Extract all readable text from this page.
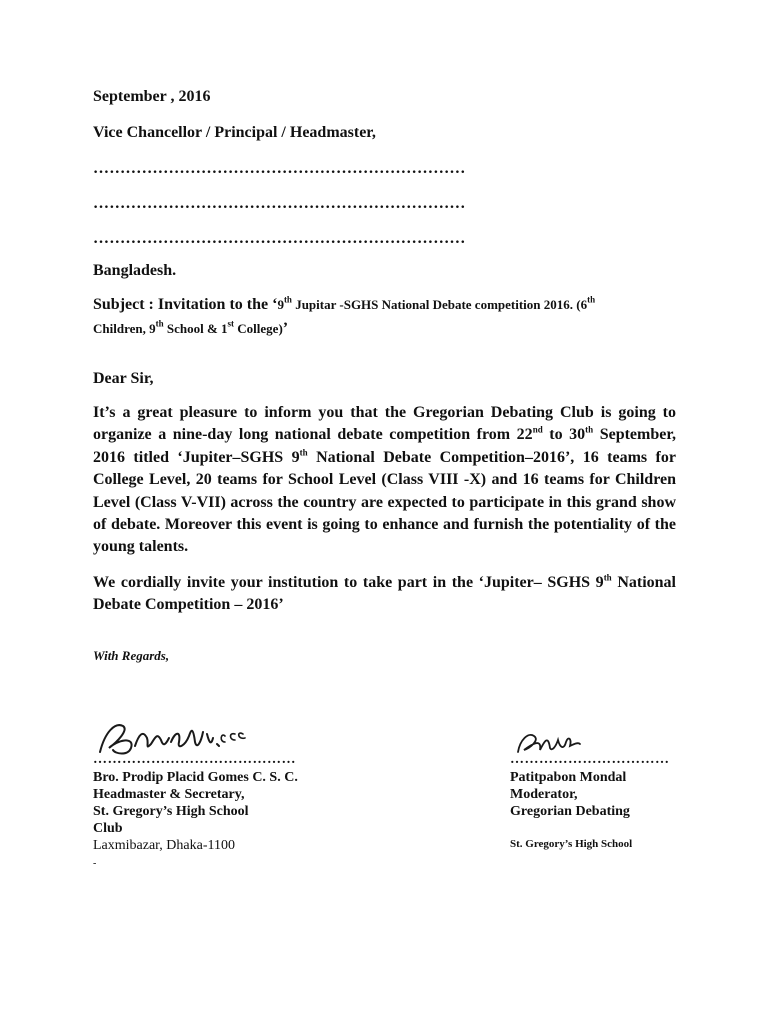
September , 2016
Vice Chancellor / Principal / Headmaster,
……………………………………………………………
……………………………………………………………
……………………………………………………………
Bangladesh.
Subject : Invitation to the ‘9th Jupitar -SGHS National Debate competition 2016. (6th
Children, 9th School & 1st College)’
Dear Sir,
It’s a great pleasure to inform you that the Gregorian Debating Club is going to organize a nine-day long national debate competition from 22nd to 30th September, 2016 titled ‘Jupiter–SGHS 9th National Debate Competition–2016’, 16 teams for College Level, 20 teams for School Level (Class VIII -X) and 16 teams for Children Level (Class V-VII) across the country are expected to participate in this grand show of debate. Moreover this event is going to enhance and furnish the potentiality of the young talents.
We cordially invite your institution to take part in the ‘Jupiter– SGHS 9th National Debate Competition – 2016’
With Regards,
……………………………………
Bro. Prodip Placid Gomes C. S. C.
Headmaster & Secretary,
St. Gregory’s High School
Club
Laxmibazar, Dhaka-1100
-
……………………………
Patitpabon Mondal
Moderator,
Gregorian Debating
St. Gregory’s High School
